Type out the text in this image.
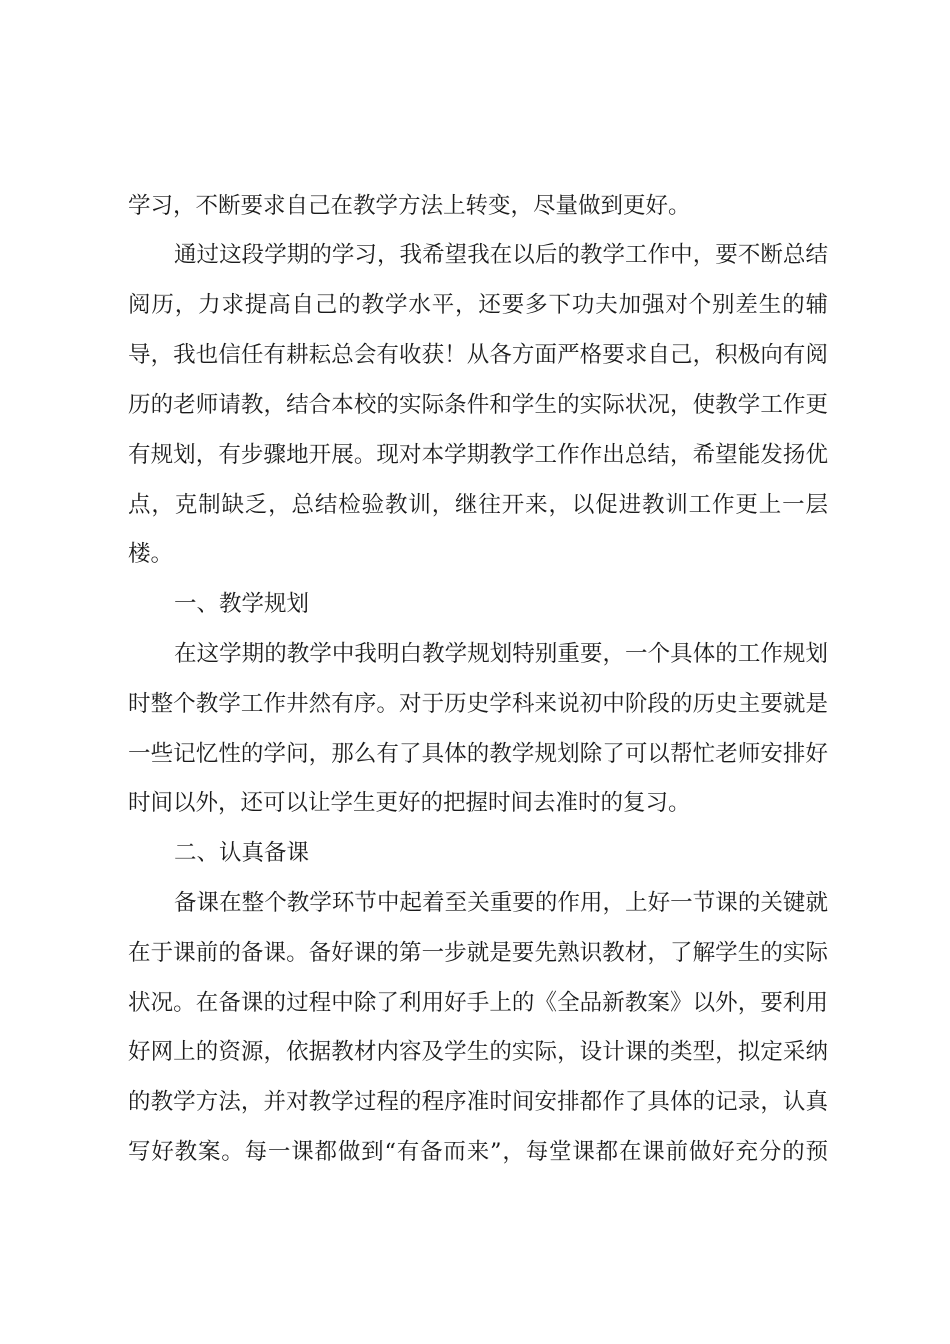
学习，不断要求自己在教学方法上转变，尽量做到更好。
通过这段学期的学习，我希望我在以后的教学工作中，要不断总结
阅历，力求提高自己的教学水平，还要多下功夫加强对个别差生的辅
导，我也信任有耕耘总会有收获！从各方面严格要求自己，积极向有阅
历的老师请教，结合本校的实际条件和学生的实际状况，使教学工作更
有规划，有步骤地开展。现对本学期教学工作作出总结，希望能发扬优
点，克制缺乏，总结检验教训，继往开来，以促进教训工作更上一层
楼。
一、教学规划
在这学期的教学中我明白教学规划特别重要，一个具体的工作规划
时整个教学工作井然有序。对于历史学科来说初中阶段的历史主要就是
一些记忆性的学问，那么有了具体的教学规划除了可以帮忙老师安排好
时间以外，还可以让学生更好的把握时间去准时的复习。
二、认真备课
备课在整个教学环节中起着至关重要的作用，上好一节课的关键就
在于课前的备课。备好课的第一步就是要先熟识教材，了解学生的实际
状况。在备课的过程中除了利用好手上的《全品新教案》以外，要利用
好网上的资源，依据教材内容及学生的实际，设计课的类型，拟定采纳
的教学方法，并对教学过程的程序准时间安排都作了具体的记录，认真
写好教案。每一课都做到“有备而来”，每堂课都在课前做好充分的预
